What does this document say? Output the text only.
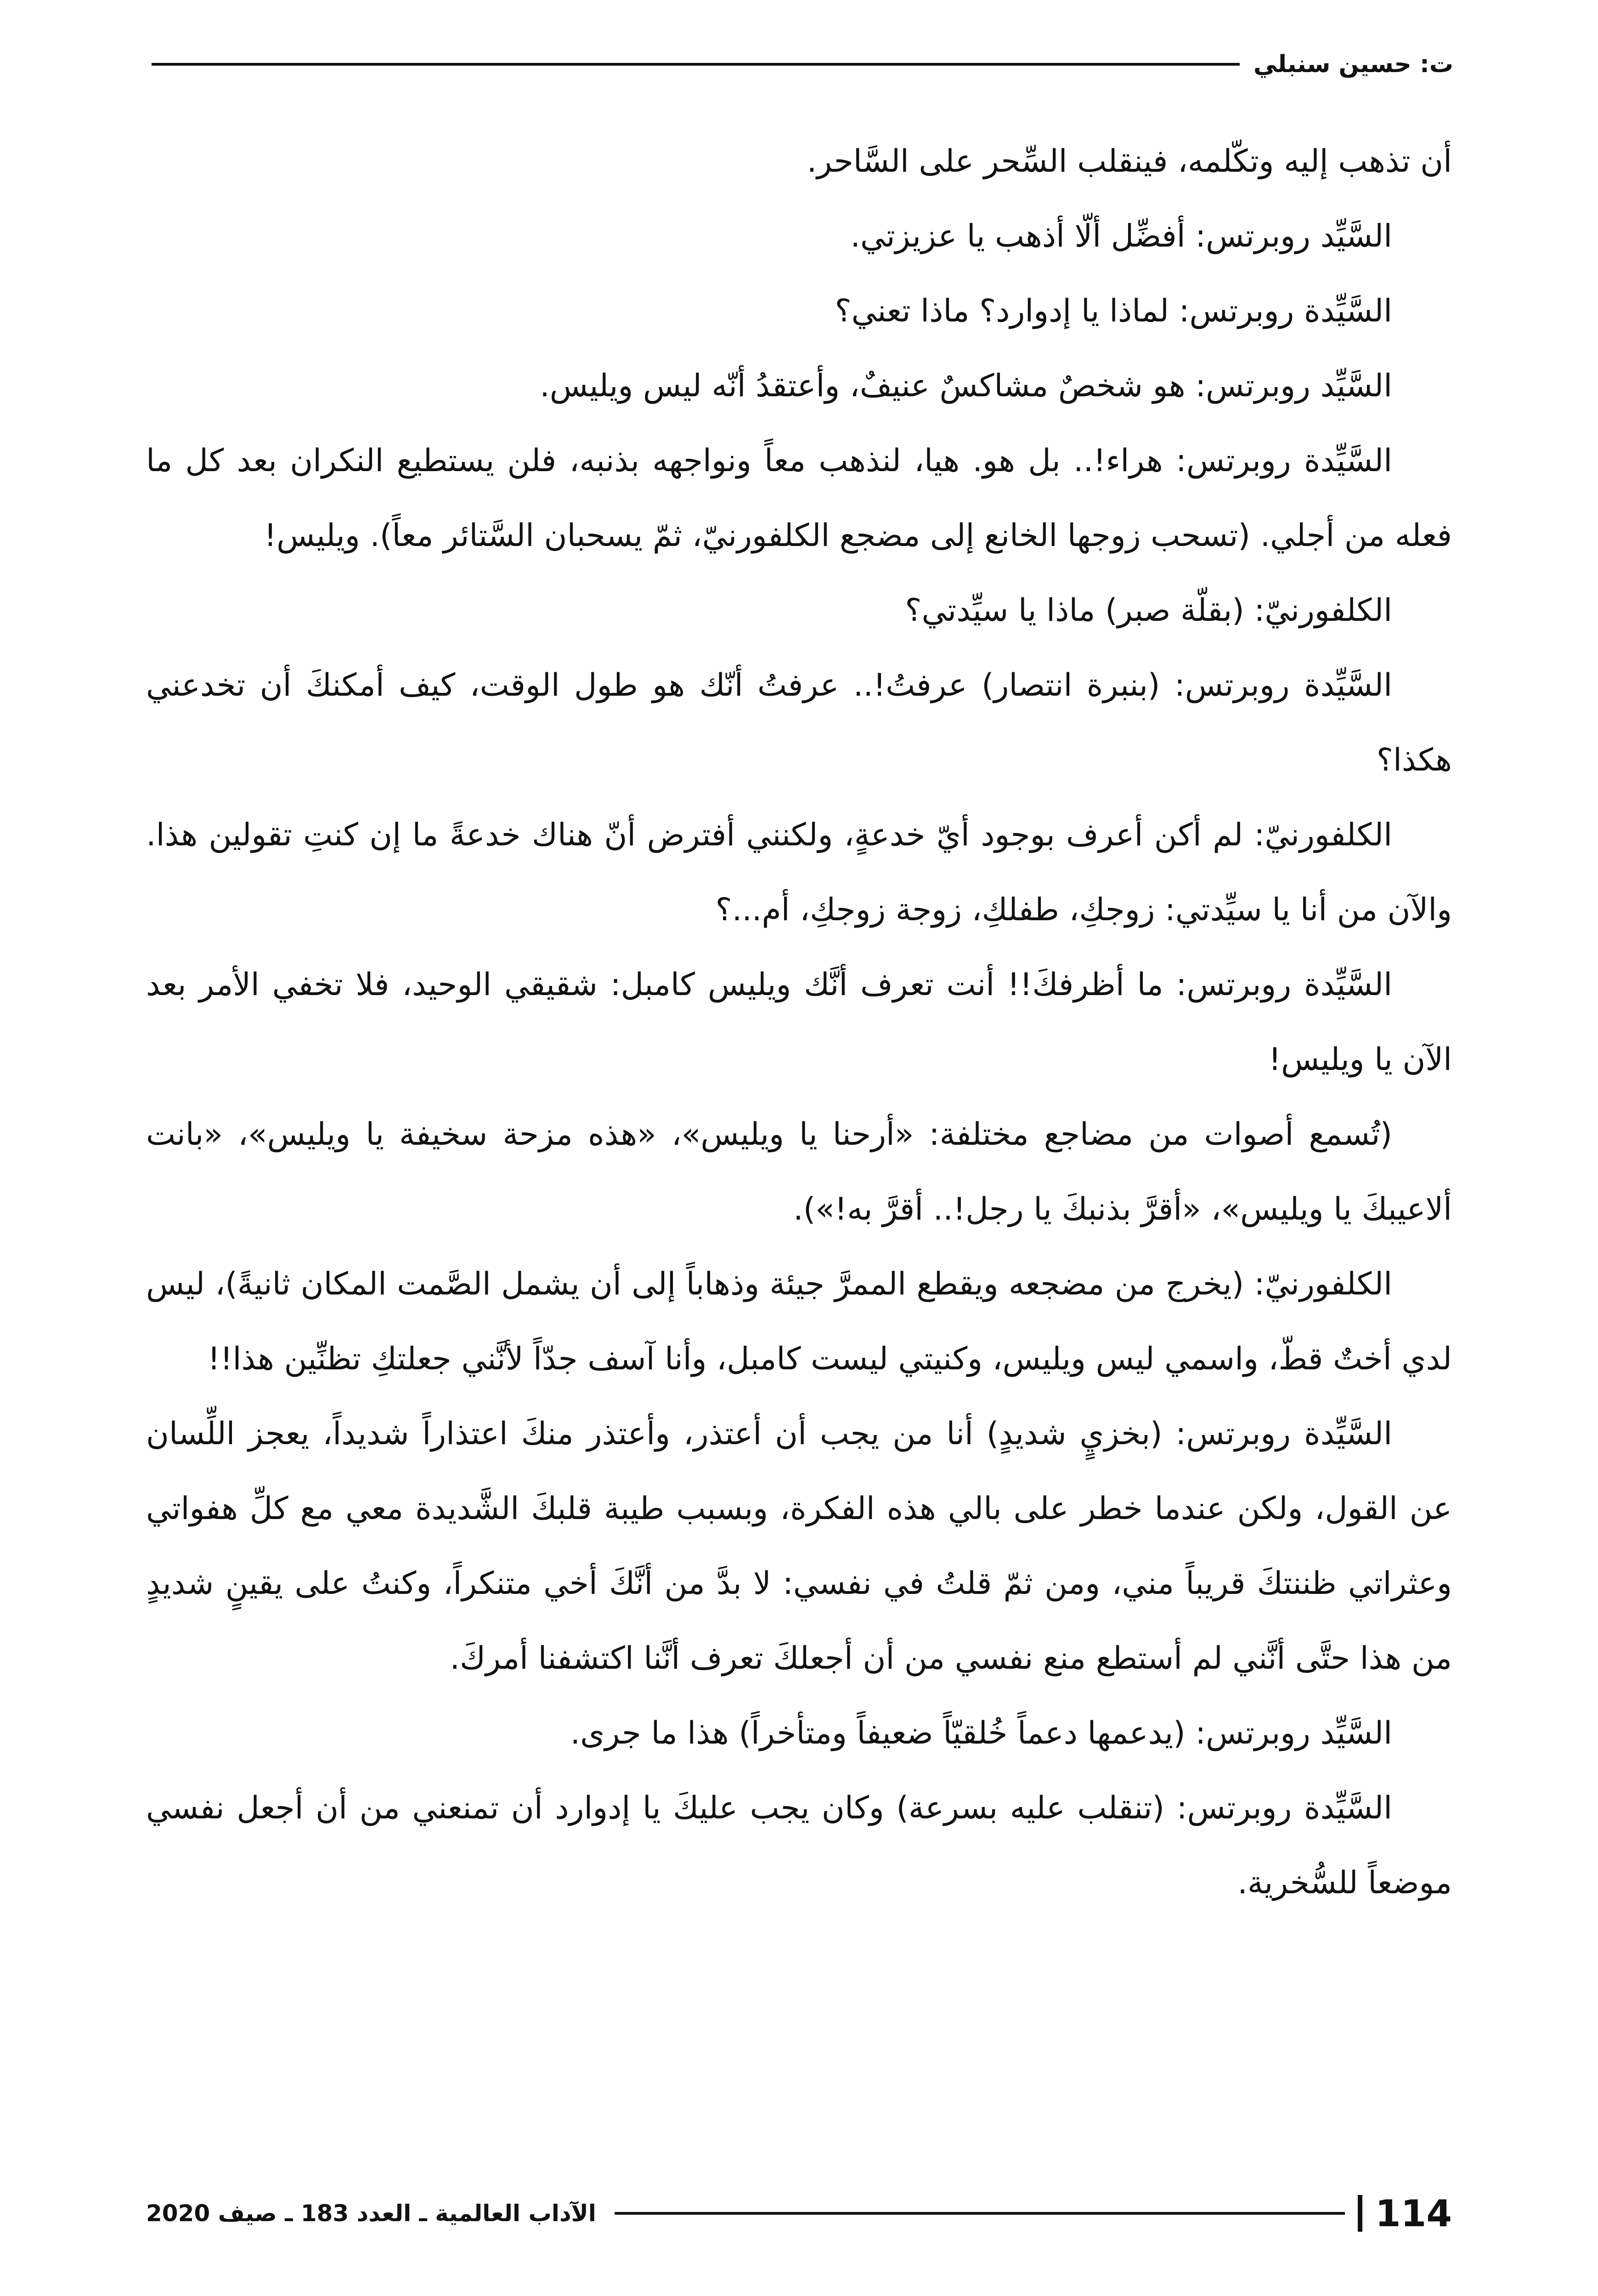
ت: حسين سنبلي

أن تذهب إليه وتكّلمه، فينقلب السِّحر على السَّاحر.

السَّيِّد روبرتس: أفضِّل ألّا أذهب يا عزيزتي.

السَّيِّدة روبرتس: لماذا يا إدوارد؟ ماذا تعني؟

السَّيِّد روبرتس: هو شخصٌ مشاكسٌ عنيفٌ، وأعتقدُ أنّه ليس ويليس.

السَّيِّدة روبرتس: هراء!.. بل هو. هيا، لنذهب معاً ونواجهه بذنبه، فلن يستطيع النكران بعد كل ما فعله من أجلي. (تسحب زوجها الخانع إلى مضجع الكلفورنيّ، ثمّ يسحبان السَّتائر معاً). ويليس!

الكلفورنيّ: (بقلّة صبر) ماذا يا سيِّدتي؟

السَّيِّدة روبرتس: (بنبرة انتصار) عرفتُ!.. عرفتُ أنّك هو طول الوقت، كيف أمكنكَ أن تخدعني هكذا؟

الكلفورنيّ: لم أكن أعرف بوجود أيّ خدعةٍ، ولكنني أفترض أنّ هناك خدعةً ما إن كنتِ تقولين هذا. والآن من أنا يا سيِّدتي: زوجكِ، طفلكِ، زوجة زوجكِ، أم...؟

السَّيِّدة روبرتس: ما أظرفكَ!! أنت تعرف أنَّك ويليس كامبل: شقيقي الوحيد، فلا تخفي الأمر بعد الآن يا ويليس!

(تُسمع أصوات من مضاجع مختلفة: «أرحنا يا ويليس»، «هذه مزحة سخيفة يا ويليس»، «بانت ألاعيبكَ يا ويليس»، «أقرَّ بذنبكَ يا رجل!.. أقرَّ به!»).

الكلفورنيّ: (يخرج من مضجعه ويقطع الممرَّ جيئة وذهاباً إلى أن يشمل الصَّمت المكان ثانيةً)، ليس لدي أختٌ قطّ، واسمي ليس ويليس، وكنيتي ليست كامبل، وأنا آسف جدّاً لأنَّني جعلتكِ تظنِّين هذا!!

السَّيِّدة روبرتس: (بخزيٍ شديدٍ) أنا من يجب أن أعتذر، وأعتذر منكَ اعتذاراً شديداً، يعجز اللِّسان عن القول، ولكن عندما خطر على بالي هذه الفكرة، وبسبب طيبة قلبكَ الشَّديدة معي مع كلِّ هفواتي وعثراتي ظننتكَ قريباً مني، ومن ثمّ قلتُ في نفسي: لا بدَّ من أنَّكَ أخي متنكراً، وكنتُ على يقينٍ شديدٍ من هذا حتَّى أنَّني لم أستطع منع نفسي من أن أجعلكَ تعرف أنَّنا اكتشفنا أمركَ.

السَّيِّد روبرتس: (يدعمها دعماً خُلقيّاً ضعيفاً ومتأخراً) هذا ما جرى.

السَّيِّدة روبرتس: (تنقلب عليه بسرعة) وكان يجب عليكَ يا إدوارد أن تمنعني من أن أجعل نفسي موضعاً للسُّخرية.

114
الآداب العالمية ـ العدد 183 ـ صيف 2020
